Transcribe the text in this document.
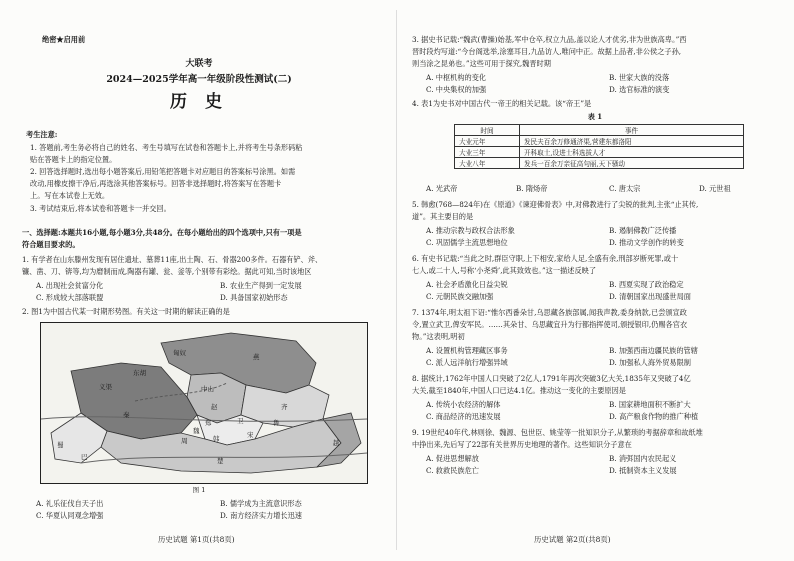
绝密★启用前
大联考
2024—2025学年高一年级阶段性测试(二)
历 史
考生注意:
1. 答题前,考生务必将自己的姓名、考生号填写在试卷和答题卡上,并将考生号条形码粘
贴在答题卡上的指定位置。
2. 回答选择题时,选出每小题答案后,用铅笔把答题卡对应题目的答案标号涂黑。如需
改动,用橡皮擦干净后,再选涂其他答案标号。回答非选择题时,将答案写在答题卡
上。写在本试卷上无效。
3. 考试结束后,将本试卷和答题卡一并交回。
一、选择题:本题共16小题,每小题3分,共48分。在每小题给出的四个选项中,只有一项是
符合题目要求的。
1. 有学者在山东滕州发现有居住遗址、墓葬11座,出土陶、石、骨器200多件。石器有铲、斧、
镰、凿、刀、锛等,均为磨制而成,陶器有罐、瓮、釜等,个别带有彩绘。据此可知,当时该地区
A. 出现社会贫富分化	B. 农业生产得到一定发展
C. 形成较大部落联盟	D. 具备国家初始形态
2. 图1为中国古代某一时期形势图。有关这一时期的解读正确的是
东胡
燕
中山
赵	齐
鲁
宋
魏
卫
韩
秦
周
楚
越
巴
蜀
义渠
匈奴
郑
图 1
A. 礼乐征伐自天子出	B. 儒学成为主流意识形态
C. 华夏认同观念增强	D. 南方经济实力增长迅速
历史试题 第1页(共8页)
3. 据史书记载:“魏武(曹操)始基,军中仓卒,权立九品,盖以论人才优劣,非为世族高卑。”西
晋时段灼写道:“今台阁选举,涂塞耳目,九品访人,唯问中正。故据上品者,非公侯之子孙,
则当涂之昆弟也。”这些可用于探究,魏晋时期
A. 中枢机构的变化	B. 世家大族的没落
C. 中央集权的加强	D. 选官标准的演变
4. 表1为史书对中国古代一帝王的相关记载。该“帝王”是
表 1
时间	事件
大业元年	发民夫百余万修通济渠,营建东都洛阳
大业三年	开科取士,设进士科选拔人才
大业八年	发兵一百余万亲征高句丽,天下骚动
A. 光武帝	B. 隋炀帝	C. 唐太宗	D. 元世祖
5. 韩愈(768—824年)在《原道》《谏迎佛骨表》中,对佛教进行了尖锐的批判,主张“止其传,
道”。其主要目的是
A. 推动宗教与政权合法形象	B. 遏制佛教广泛传播
C. 巩固儒学主流思想地位	D. 推动文学创作的转变
6. 有史书记载:“当此之时,群臣守职,上下相安,家给人足,全盛有余,刑部岁断死罪,或十
七人,或二十人,号称‘小尧舜’,此其致效也。”这一描述反映了
A. 社会矛盾激化日益尖锐	B. 西夏实现了政治稳定
C. 元朝民族交融加强	D. 清朝国家出现盛世局面
7. 1374年,明太祖下诏:“惟尔西番朵甘,乌思藏各族部属,闻我声教,委身纳款,已尝颁宣政
令,置立武卫,俾安军民。……其朵甘、乌思藏宜升为行都指挥使司,颁授银印,仍赐各官衣
物。”这表明,明初
A. 设置机构管理藏区事务	B. 加强西南边疆民族的管辖
C. 派人远洋航行增强异域	D. 加强私人海外贸易限制
8. 据统计,1762年中国人口突破了2亿人,1791年再次突破3亿大关,1835年又突破了4亿
大关,截至1840年,中国人口已达4.1亿。推动这一变化的主要原因是
A. 传统小农经济的解体	B. 国家耕地面积不断扩大
C. 商品经济的迅速发展	D. 高产粮食作物的推广种植
9. 19世纪40年代,林则徐、魏源、包世臣、姚莹等一批知识分子,从繁琐的考据辞章和故纸堆
中挣出来,先后写了22部有关世界历史地理的著作。这些知识分子意在
A. 促进思想解放	B. 消弭国内农民起义
C. 救救民族危亡	D. 抵制资本主义发展
历史试题 第2页(共8页)
